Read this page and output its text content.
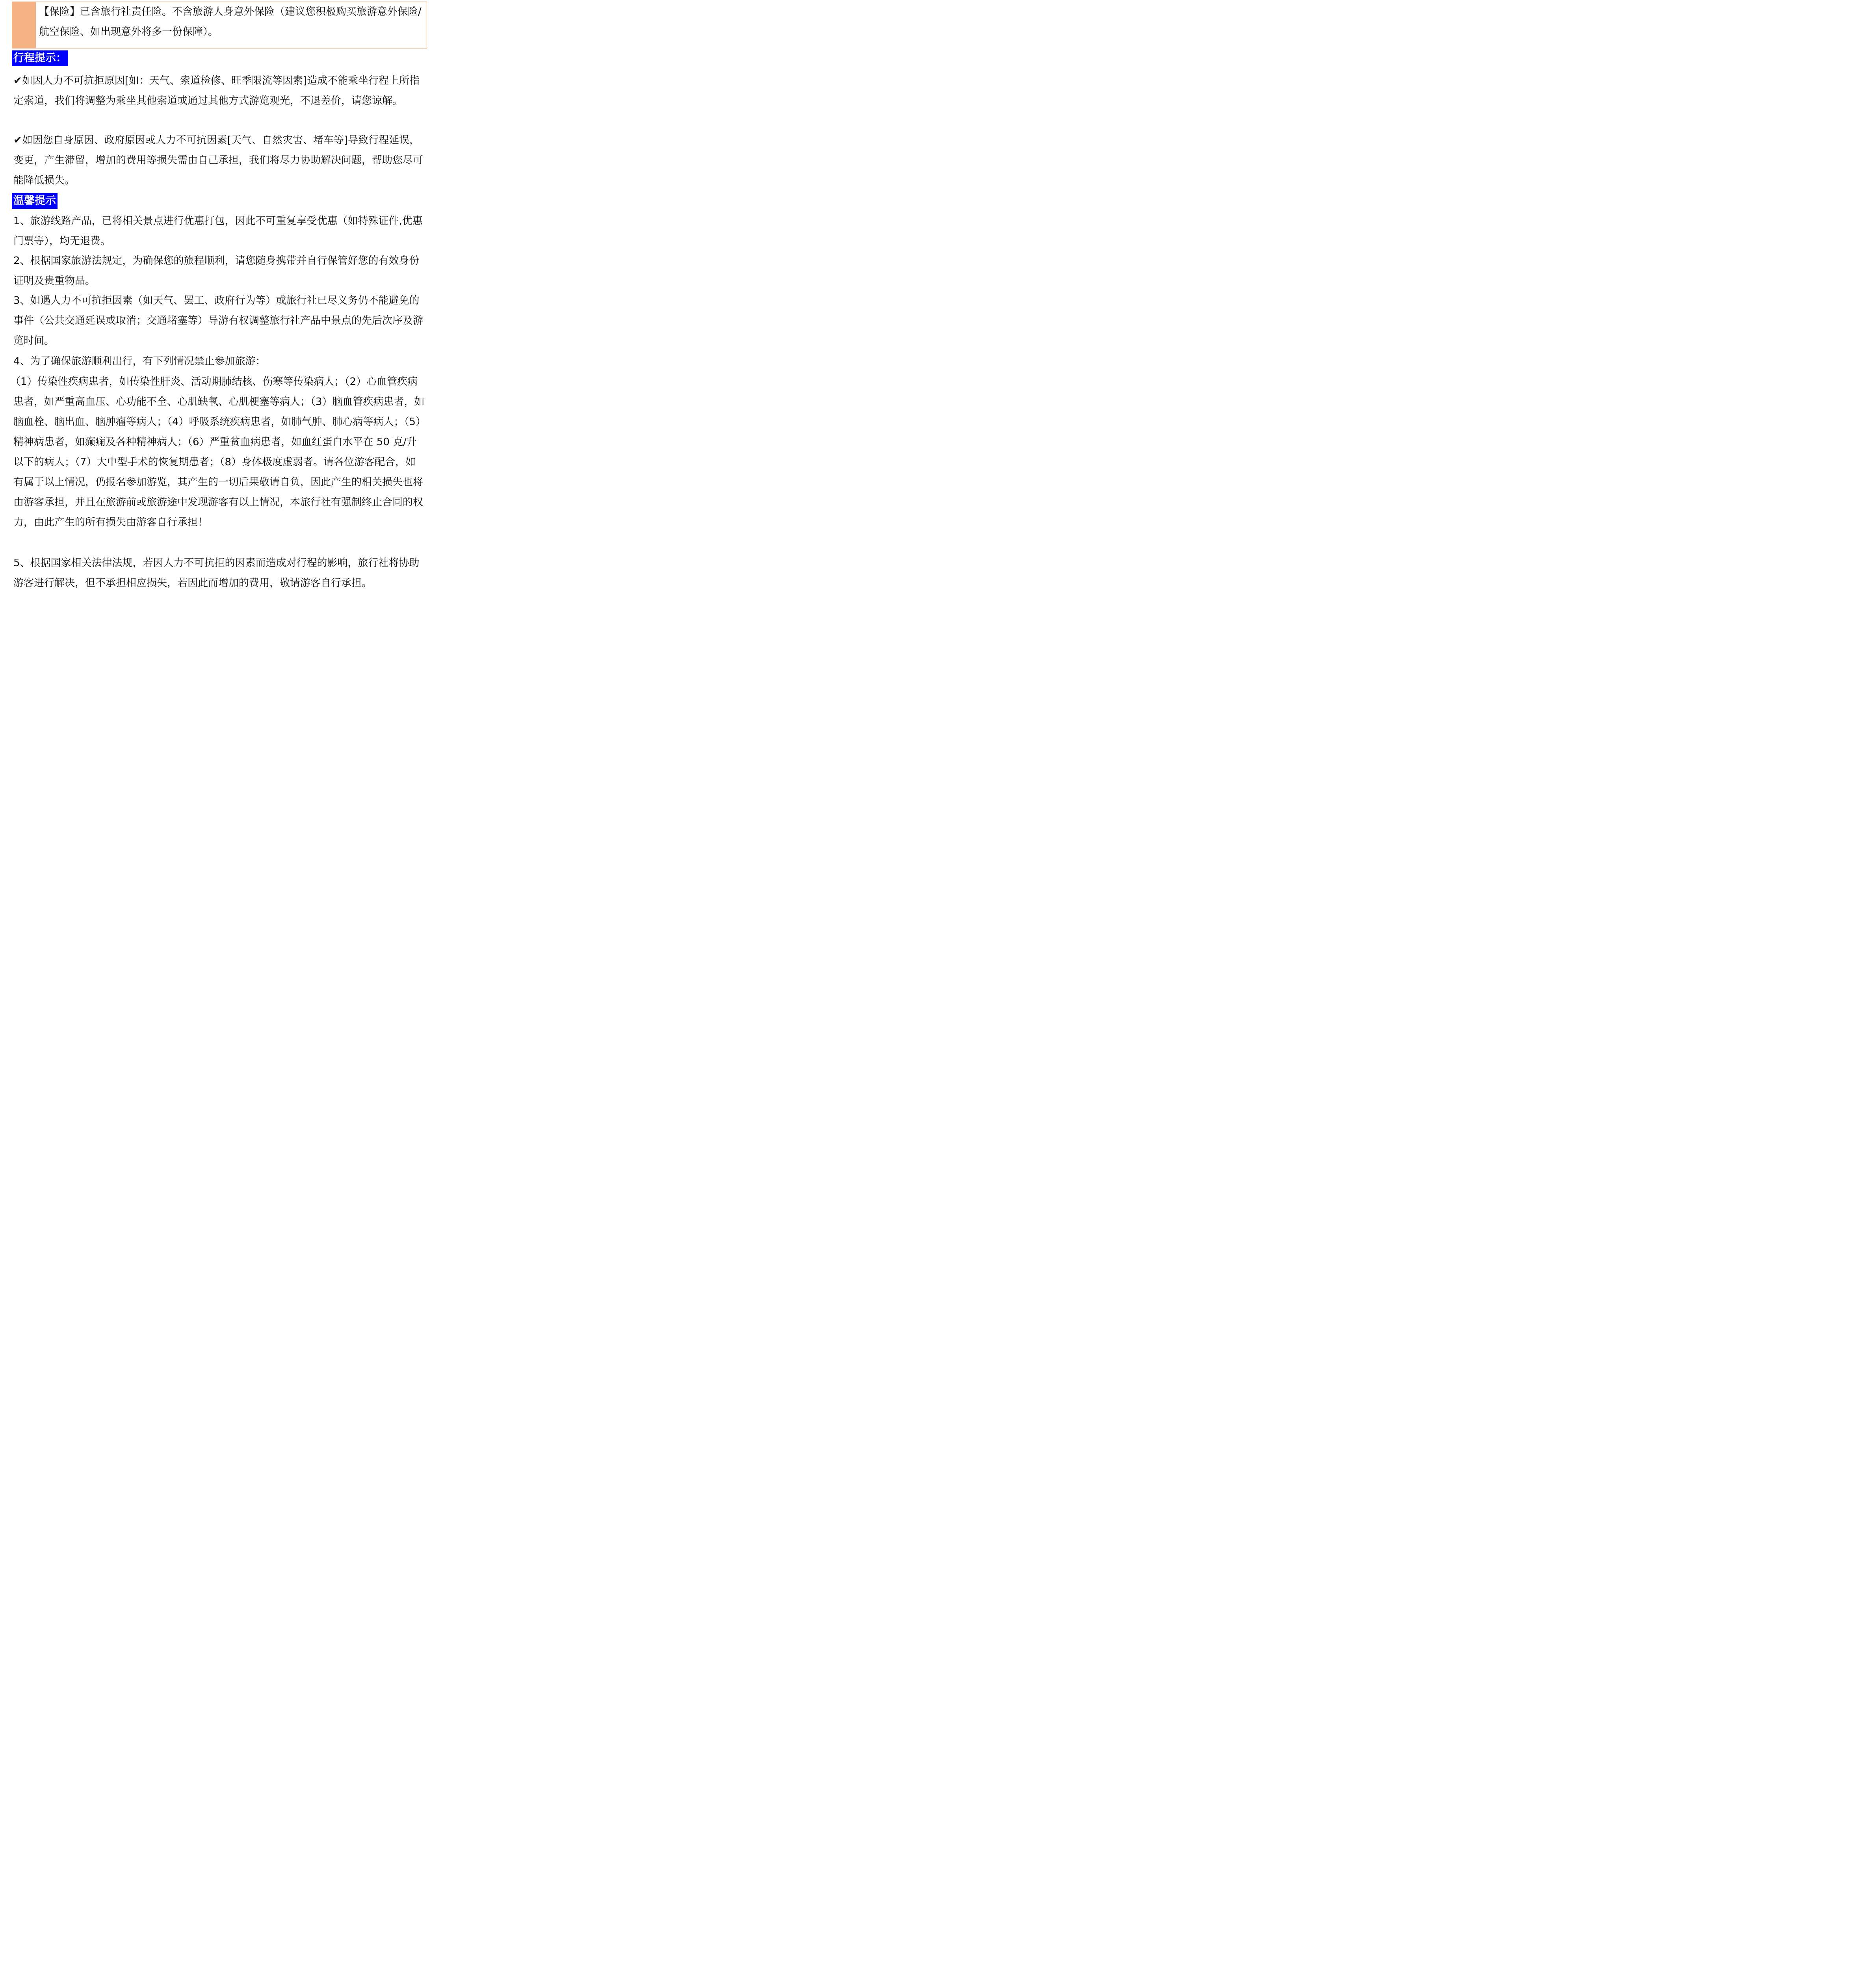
【保险】已含旅行社责任险。不含旅游人身意外保险（建议您积极购买旅游意外保险/航空保险、如出现意外将多一份保障）。
行程提示：
✔如因人力不可抗拒原因[如：天气、索道检修、旺季限流等因素]造成不能乘坐行程上所指定索道，我们将调整为乘坐其他索道或通过其他方式游览观光，不退差价，请您谅解。
✔如因您自身原因、政府原因或人力不可抗因素[天气、自然灾害、堵车等]导致行程延误，变更，产生滞留，增加的费用等损失需由自己承担，我们将尽力协助解决问题，帮助您尽可能降低损失。
温馨提示
1、旅游线路产品，已将相关景点进行优惠打包，因此不可重复享受优惠（如特殊证件,优惠门票等），均无退费。
2、根据国家旅游法规定，为确保您的旅程顺利，请您随身携带并自行保管好您的有效身份证明及贵重物品。
3、如遇人力不可抗拒因素（如天气、罢工、政府行为等）或旅行社已尽义务仍不能避免的事件（公共交通延误或取消；交通堵塞等）导游有权调整旅行社产品中景点的先后次序及游览时间。
4、为了确保旅游顺利出行，有下列情况禁止参加旅游：
（1）传染性疾病患者，如传染性肝炎、活动期肺结核、伤寒等传染病人；（2）心血管疾病患者，如严重高血压、心功能不全、心肌缺氧、心肌梗塞等病人；（3）脑血管疾病患者，如脑血栓、脑出血、脑肿瘤等病人；（4）呼吸系统疾病患者，如肺气肿、肺心病等病人；（5）精神病患者，如癫痫及各种精神病人；（6）严重贫血病患者，如血红蛋白水平在 50 克/升以下的病人；（7）大中型手术的恢复期患者；（8）身体极度虚弱者。请各位游客配合，如有属于以上情况，仍报名参加游览，其产生的一切后果敬请自负，因此产生的相关损失也将由游客承担，并且在旅游前或旅游途中发现游客有以上情况，本旅行社有强制终止合同的权力，由此产生的所有损失由游客自行承担！
5、根据国家相关法律法规，若因人力不可抗拒的因素而造成对行程的影响，旅行社将协助游客进行解决，但不承担相应损失，若因此而增加的费用，敬请游客自行承担。
